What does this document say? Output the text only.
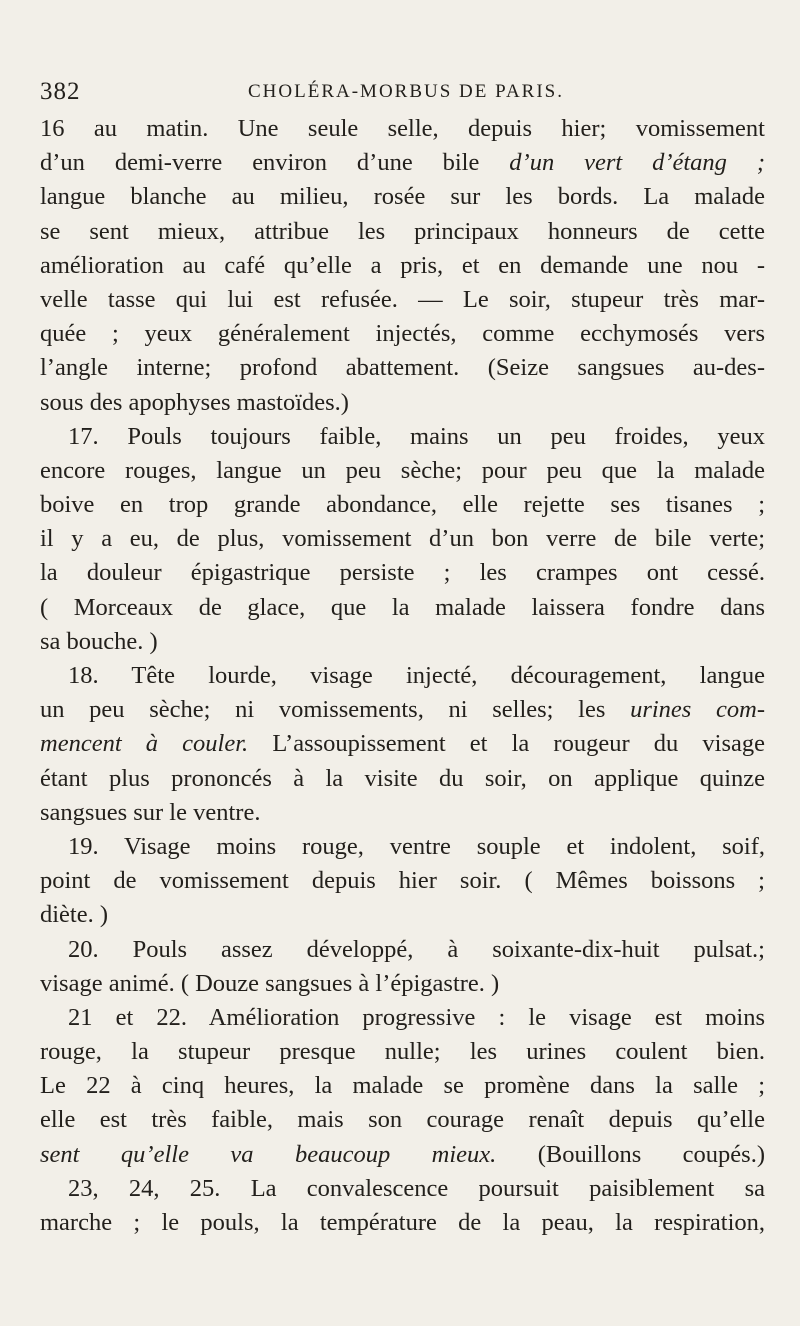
382	CHOLÉRA-MORBUS DE PARIS.
16 au matin. Une seule selle, depuis hier; vomissement
d’un demi-verre environ d’une bile d’un vert d’étang ;
langue blanche au milieu, rosée sur les bords. La malade
se sent mieux, attribue les principaux honneurs de cette
amélioration au café qu’elle a pris, et en demande une nou -
velle tasse qui lui est refusée. — Le soir, stupeur très mar-
quée ; yeux généralement injectés, comme ecchymosés vers
l’angle interne; profond abattement. (Seize sangsues au-des-
sous des apophyses mastoïdes.)
17. Pouls toujours faible, mains un peu froides, yeux
encore rouges, langue un peu sèche; pour peu que la malade
boive en trop grande abondance, elle rejette ses tisanes ;
il y a eu, de plus, vomissement d’un bon verre de bile verte;
la douleur épigastrique persiste ; les crampes ont cessé.
( Morceaux de glace, que la malade laissera fondre dans
sa bouche. )
18. Tête lourde, visage injecté, découragement, langue
un peu sèche; ni vomissements, ni selles; les urines com-
mencent à couler. L’assoupissement et la rougeur du visage
étant plus prononcés à la visite du soir, on applique quinze
sangsues sur le ventre.
19. Visage moins rouge, ventre souple et indolent, soif,
point de vomissement depuis hier soir. ( Mêmes boissons ;
diète. )
20. Pouls assez développé, à soixante-dix-huit pulsat.;
visage animé. ( Douze sangsues à l’épigastre. )
21 et 22. Amélioration progressive : le visage est moins
rouge, la stupeur presque nulle; les urines coulent bien.
Le 22 à cinq heures, la malade se promène dans la salle ;
elle est très faible, mais son courage renaît depuis qu’elle
sent qu’elle va beaucoup mieux. (Bouillons coupés.)
23, 24, 25. La convalescence poursuit paisiblement sa
marche ; le pouls, la température de la peau, la respiration,
